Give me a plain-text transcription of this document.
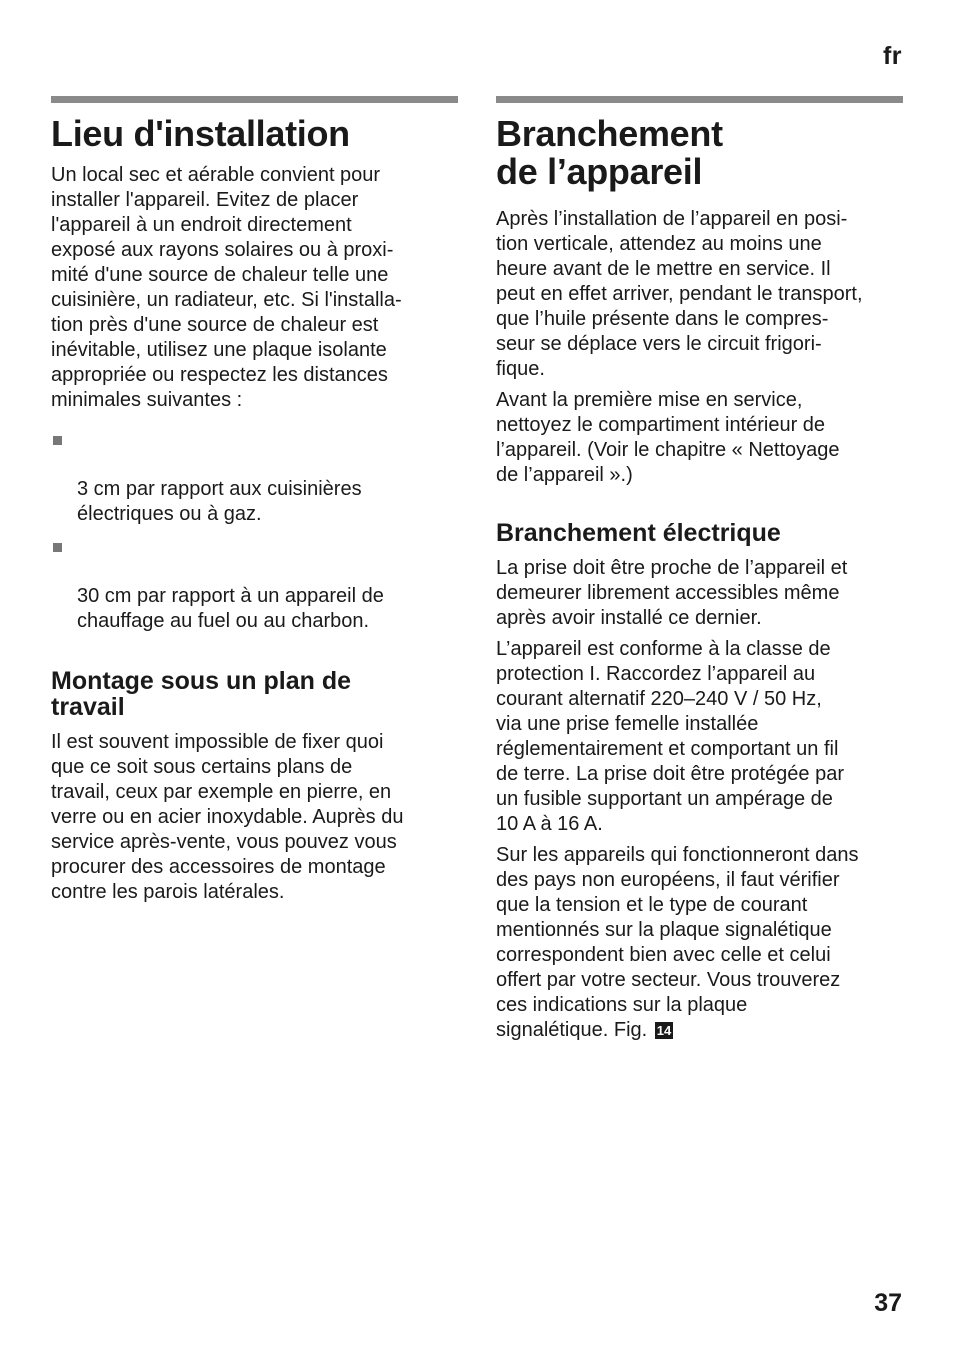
fr
Lieu d'installation

Un local sec et aérable convient pour
installer l'appareil. Evitez de placer
l'appareil à un endroit directement
exposé aux rayons solaires ou à proxi-
mité d'une source de chaleur telle une
cuisinière, un radiateur, etc. Si l'installa-
tion près d'une source de chaleur est
inévitable, utilisez une plaque isolante
appropriée ou respectez les distances
minimales suivantes :

3 cm par rapport aux cuisinières
électriques ou à gaz.

30 cm par rapport à un appareil de
chauffage au fuel ou au charbon.

Montage sous un plan de
travail

Il est souvent impossible de fixer quoi
que ce soit sous certains plans de
travail, ceux par exemple en pierre, en
verre ou en acier inoxydable. Auprès du
service après-vente, vous pouvez vous
procurer des accessoires de montage
contre les parois latérales.

Branchement
de l’appareil

Après l’installation de l’appareil en posi-
tion verticale, attendez au moins une
heure avant de le mettre en service. Il
peut en effet arriver, pendant le transport,
que l’huile présente dans le compres-
seur se déplace vers le circuit frigori-
fique.

Avant la première mise en service,
nettoyez le compartiment intérieur de
l’appareil. (Voir le chapitre « Nettoyage
de l’appareil ».)

Branchement électrique

La prise doit être proche de l’appareil et
demeurer librement accessibles même
après avoir installé ce dernier.

L’appareil est conforme à la classe de
protection I. Raccordez l’appareil au
courant alternatif 220–240 V / 50 Hz,
via une prise femelle installée
réglementairement et comportant un fil
de terre. La prise doit être protégée par
un fusible supportant un ampérage de
10 A à 16 A.

Sur les appareils qui fonctionneront dans
des pays non européens, il faut vérifier
que la tension et le type de courant
mentionnés sur la plaque signalétique
correspondent bien avec celle et celui
offert par votre secteur. Vous trouverez
ces indications sur la plaque
signalétique. Fig. 14

37
